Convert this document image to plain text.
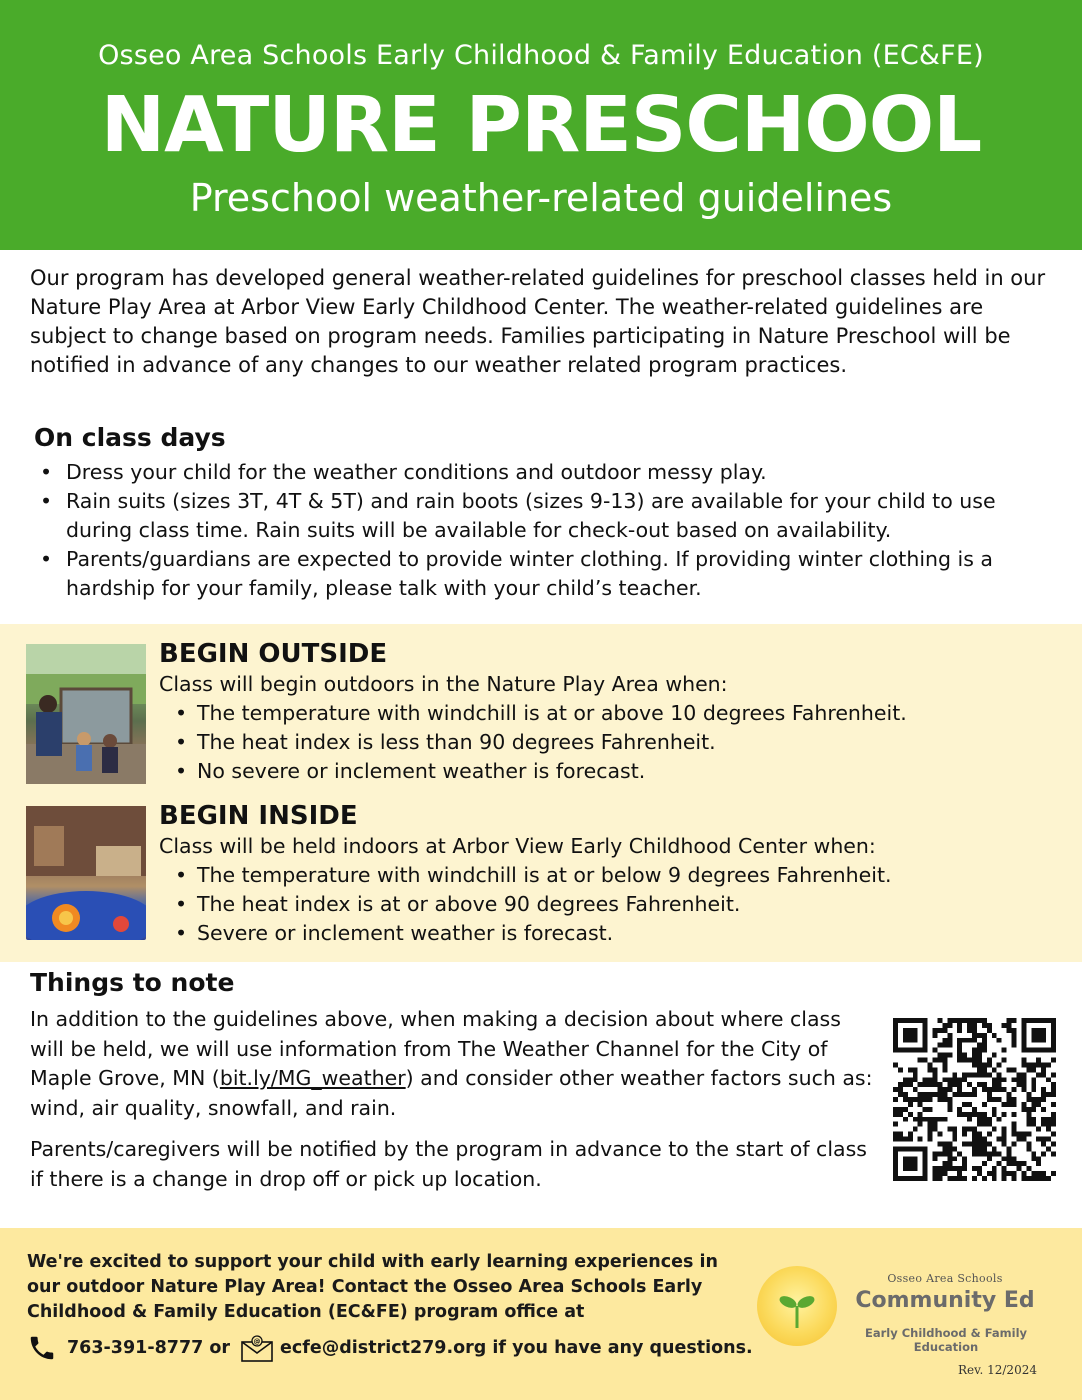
Osseo Area Schools Early Childhood & Family Education (EC&FE)
NATURE PRESCHOOL
Preschool weather-related guidelines

Our program has developed general weather-related guidelines for preschool classes held in our Nature Play Area at Arbor View Early Childhood Center. The weather-related guidelines are subject to change based on program needs. Families participating in Nature Preschool will be notified in advance of any changes to our weather related program practices.

On class days
• Dress your child for the weather conditions and outdoor messy play.
• Rain suits (sizes 3T, 4T & 5T) and rain boots (sizes 9-13) are available for your child to use during class time. Rain suits will be available for check-out based on availability.
• Parents/guardians are expected to provide winter clothing. If providing winter clothing is a hardship for your family, please talk with your child’s teacher.
BEGIN OUTSIDE
Class will begin outdoors in the Nature Play Area when:
• The temperature with windchill is at or above 10 degrees Fahrenheit.
• The heat index is less than 90 degrees Fahrenheit.
• No severe or inclement weather is forecast.
BEGIN INSIDE
Class will be held indoors at Arbor View Early Childhood Center when:
• The temperature with windchill is at or below 9 degrees Fahrenheit.
• The heat index is at or above 90 degrees Fahrenheit.
• Severe or inclement weather is forecast.
Things to note

In addition to the guidelines above, when making a decision about where class will be held, we will use information from The Weather Channel for the City of Maple Grove, MN (bit.ly/MG_weather) and consider other weather factors such as: wind, air quality, snowfall, and rain.

Parents/caregivers will be notified by the program in advance to the start of class if there is a change in drop off or pick up location.

We're excited to support your child with early learning experiences in our outdoor Nature Play Area! Contact the Osseo Area Schools Early Childhood & Family Education (EC&FE) program office at

763-391-8777 or	@ ecfe@district279.org if you have any questions.
Osseo Area Schools
Community Ed
Early Childhood & Family Education
Rev. 12/2024
